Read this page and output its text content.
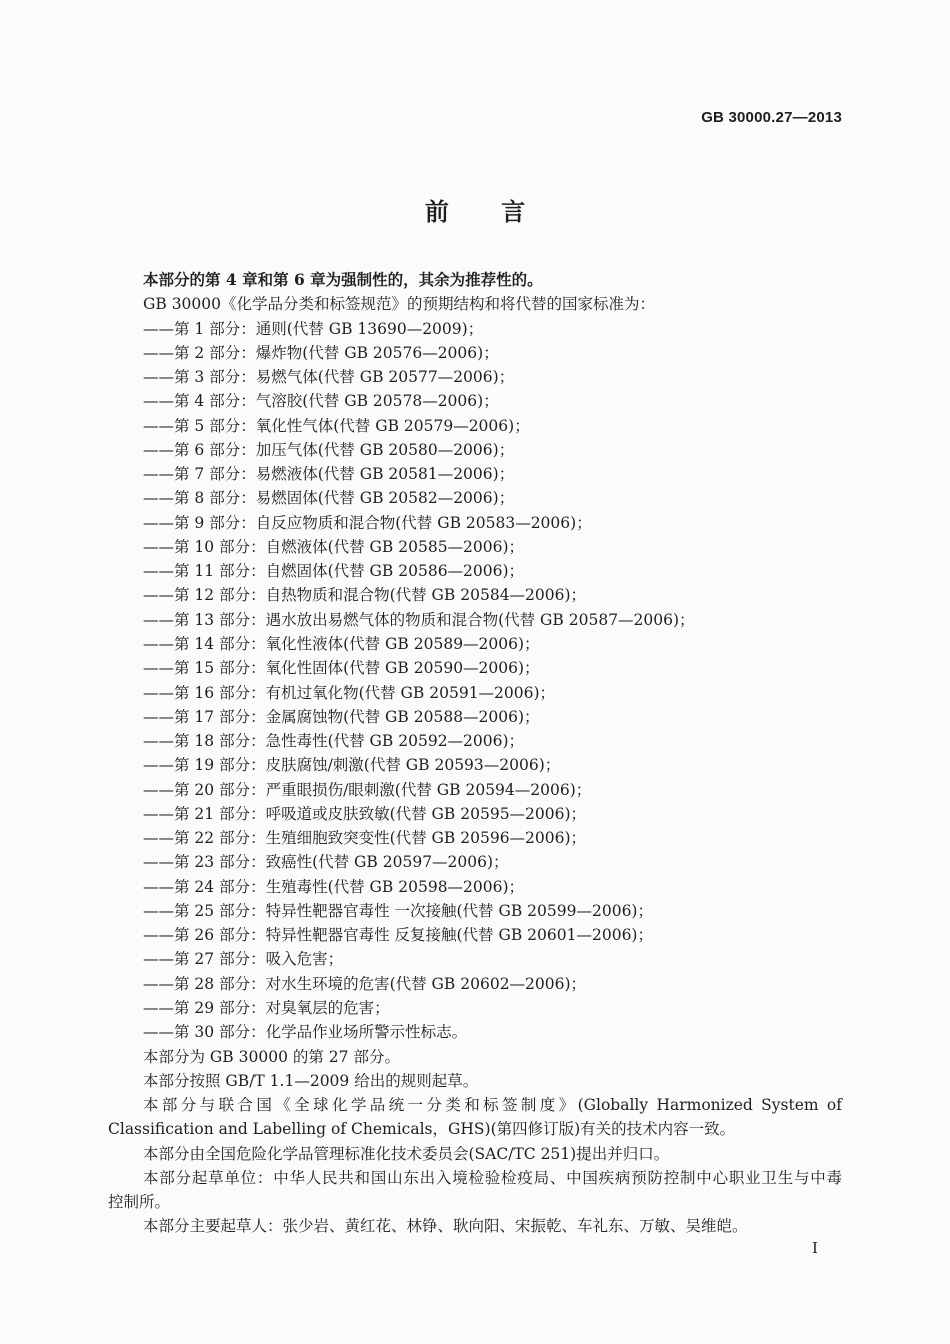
GB 30000.27—2013
前 言

本部分的第 4 章和第 6 章为强制性的，其余为推荐性的。

GB 30000《化学品分类和标签规范》的预期结构和将代替的国家标准为：

——第 1 部分：通则(代替 GB 13690—2009)；

——第 2 部分：爆炸物(代替 GB 20576—2006)；

——第 3 部分：易燃气体(代替 GB 20577—2006)；

——第 4 部分：气溶胶(代替 GB 20578—2006)；

——第 5 部分：氧化性气体(代替 GB 20579—2006)；

——第 6 部分：加压气体(代替 GB 20580—2006)；

——第 7 部分：易燃液体(代替 GB 20581—2006)；

——第 8 部分：易燃固体(代替 GB 20582—2006)；

——第 9 部分：自反应物质和混合物(代替 GB 20583—2006)；

——第 10 部分：自燃液体(代替 GB 20585—2006)；

——第 11 部分：自燃固体(代替 GB 20586—2006)；

——第 12 部分：自热物质和混合物(代替 GB 20584—2006)；

——第 13 部分：遇水放出易燃气体的物质和混合物(代替 GB 20587—2006)；

——第 14 部分：氧化性液体(代替 GB 20589—2006)；

——第 15 部分：氧化性固体(代替 GB 20590—2006)；

——第 16 部分：有机过氧化物(代替 GB 20591—2006)；

——第 17 部分：金属腐蚀物(代替 GB 20588—2006)；

——第 18 部分：急性毒性(代替 GB 20592—2006)；

——第 19 部分：皮肤腐蚀/刺激(代替 GB 20593—2006)；

——第 20 部分：严重眼损伤/眼刺激(代替 GB 20594—2006)；

——第 21 部分：呼吸道或皮肤致敏(代替 GB 20595—2006)；

——第 22 部分：生殖细胞致突变性(代替 GB 20596—2006)；

——第 23 部分：致癌性(代替 GB 20597—2006)；

——第 24 部分：生殖毒性(代替 GB 20598—2006)；

——第 25 部分：特异性靶器官毒性 一次接触(代替 GB 20599—2006)；

——第 26 部分：特异性靶器官毒性 反复接触(代替 GB 20601—2006)；

——第 27 部分：吸入危害；

——第 28 部分：对水生环境的危害(代替 GB 20602—2006)；

——第 29 部分：对臭氧层的危害；

——第 30 部分：化学品作业场所警示性标志。

本部分为 GB 30000 的第 27 部分。

本部分按照 GB/T 1.1—2009 给出的规则起草。

本部分与联合国《全球化学品统一分类和标签制度》(Globally Harmonized System of
Classification and Labelling of Chemicals，GHS)(第四修订版)有关的技术内容一致。

本部分由全国危险化学品管理标准化技术委员会(SAC/TC 251)提出并归口。

本部分起草单位：中华人民共和国山东出入境检验检疫局、中国疾病预防控制中心职业卫生与中毒
控制所。

本部分主要起草人：张少岩、黄红花、林铮、耿向阳、宋振乾、车礼东、万敏、吴维皑。

I
